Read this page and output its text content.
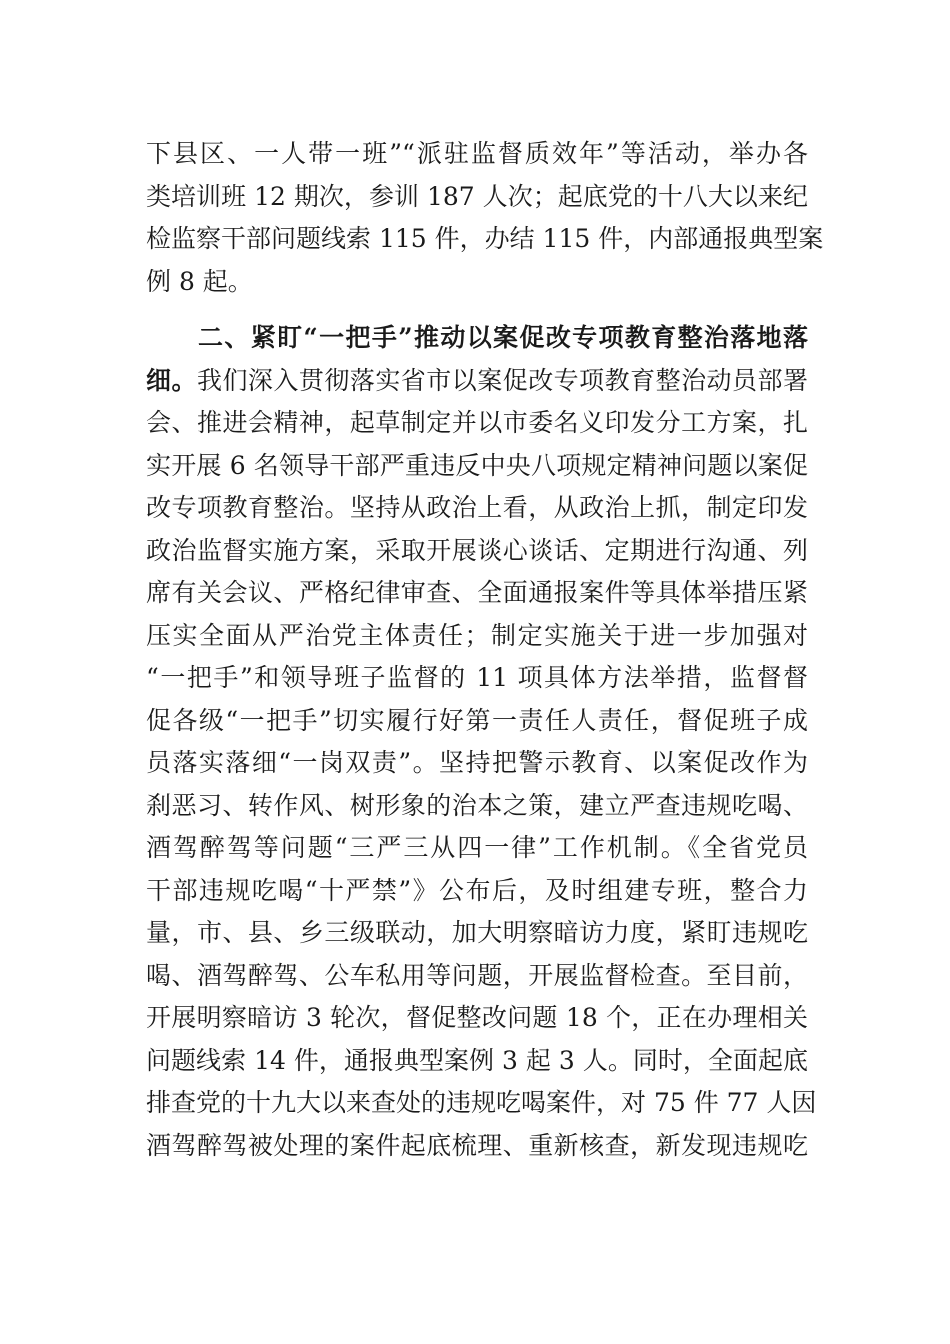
下县区、一人带一班”“派驻监督质效年”等活动，举办各
类培训班 12 期次，参训 187 人次；起底党的十八大以来纪
检监察干部问题线索 115 件，办结 115 件，内部通报典型案
例 8 起。
二、紧盯“一把手”推动以案促改专项教育整治落地落
细。我们深入贯彻落实省市以案促改专项教育整治动员部署
会、推进会精神，起草制定并以市委名义印发分工方案，扎
实开展 6 名领导干部严重违反中央八项规定精神问题以案促
改专项教育整治。坚持从政治上看，从政治上抓，制定印发
政治监督实施方案，采取开展谈心谈话、定期进行沟通、列
席有关会议、严格纪律审查、全面通报案件等具体举措压紧
压实全面从严治党主体责任；制定实施关于进一步加强对
“一把手”和领导班子监督的 11 项具体方法举措，监督督
促各级“一把手”切实履行好第一责任人责任，督促班子成
员落实落细“一岗双责”。坚持把警示教育、以案促改作为
刹恶习、转作风、树形象的治本之策，建立严查违规吃喝、
酒驾醉驾等问题“三严三从四一律”工作机制。《全省党员
干部违规吃喝“十严禁”》公布后，及时组建专班，整合力
量，市、县、乡三级联动，加大明察暗访力度，紧盯违规吃
喝、酒驾醉驾、公车私用等问题，开展监督检查。至目前，
开展明察暗访 3 轮次，督促整改问题 18 个，正在办理相关
问题线索 14 件，通报典型案例 3 起 3 人。同时，全面起底
排查党的十九大以来查处的违规吃喝案件，对 75 件 77 人因
酒驾醉驾被处理的案件起底梳理、重新核查，新发现违规吃
